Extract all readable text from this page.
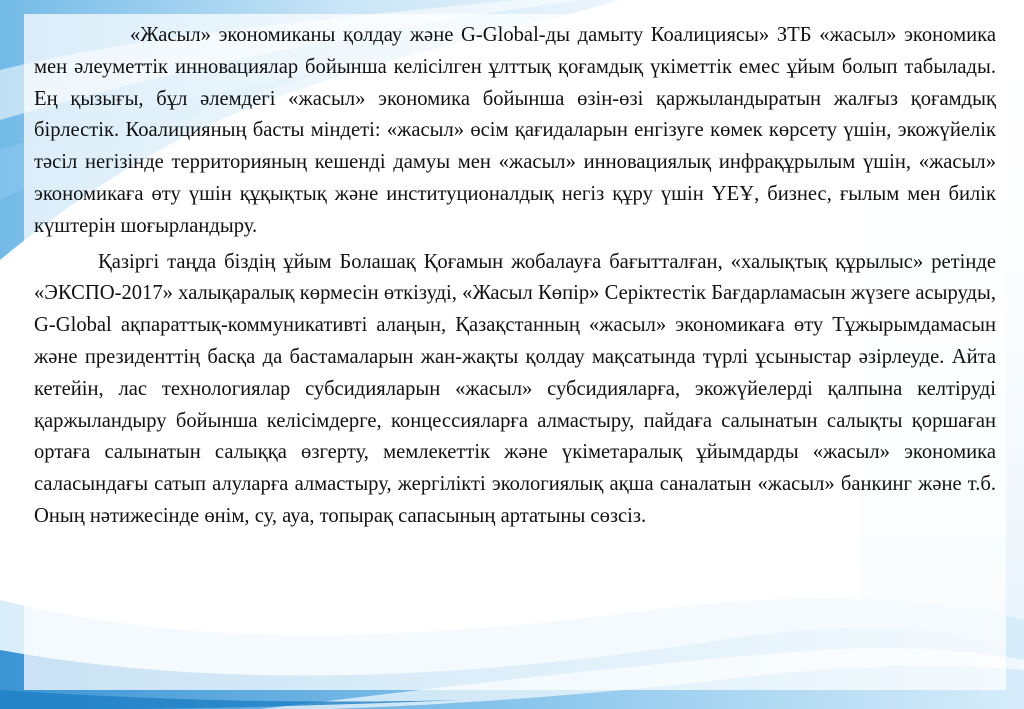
«Жасыл» экономиканы қолдау және G-Global-ды дамыту Коалициясы» ЗТБ «жасыл» экономика мен әлеуметтік инновациялар бойынша келісілген ұлттық қоғамдық үкіметтік емес ұйым болып табылады. Ең қызығы, бұл әлемдегі «жасыл» экономика бойынша өзін-өзі қаржыландыратын жалғыз қоғамдық бірлестік. Коалицияның басты міндеті: «жасыл» өсім қағидаларын енгізуге көмек көрсету үшін, экожүйелік тәсіл негізінде территорияның кешенді дамуы мен «жасыл» инновациялық инфрақұрылым үшін, «жасыл» экономикаға өту үшін құқықтық және институционалдық негіз құру үшін ҮЕҰ, бизнес, ғылым мен билік күштерін шоғырландыру.

Қазіргі таңда біздің ұйым Болашақ Қоғамын жобалауға бағытталған, «халықтық құрылыс» ретінде «ЭКСПО-2017» халықаралық көрмесін өткізуді, «Жасыл Көпір» Серіктестік Бағдарламасын жүзеге асыруды, G-Global ақпараттық-коммуникативті алаңын, Қазақстанның «жасыл» экономикаға өту Тұжырымдамасын және президенттің басқа да бастамаларын жан-жақты қолдау мақсатында түрлі ұсыныстар әзірлеуде. Айта кетейін, лас технологиялар субсидияларын «жасыл» субсидияларға, экожүйелерді қалпына келтіруді қаржыландыру бойынша келісімдерге, концессияларға алмастыру, пайдаға салынатын салықты қоршаған ортаға салынатын салыққа өзгерту, мемлекеттік және үкіметаралық ұйымдарды «жасыл» экономика саласындағы сатып алуларға алмастыру, жергілікті экологиялық ақша саналатын «жасыл» банкинг және т.б. Оның нәтижесінде өнім, су, ауа, топырақ сапасының артатыны сөзсіз.
